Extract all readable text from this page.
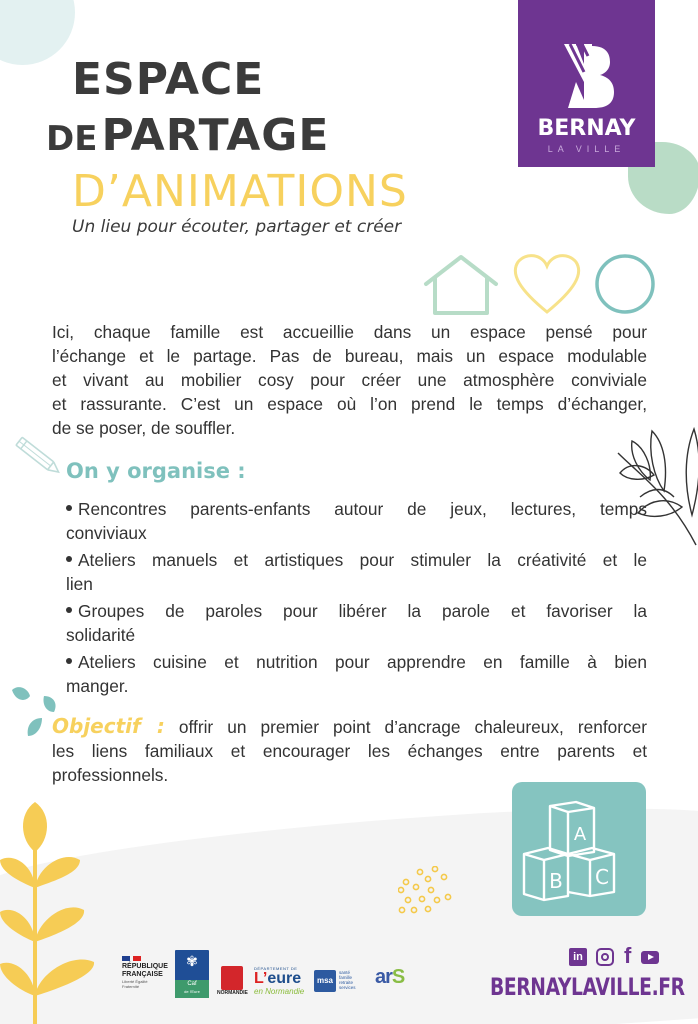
ESPACE
DEPARTAGE
D’ANIMATIONS
Un lieu pour écouter, partager et créer
BERNAY
LA VILLE
Ici, chaque famille est accueillie dans un espace pensé pour
l’échange et le partage. Pas de bureau, mais un espace modulable
et vivant au mobilier cosy pour créer une atmosphère conviviale
et rassurante. C’est un espace où l’on prend le temps d’échanger,
de se poser, de souffler.
On y organise :
Rencontres parents-enfants autour de jeux, lectures, temps
conviviaux
Ateliers manuels et artistiques pour stimuler la créativité et le
lien
Groupes de paroles pour libérer la parole et favoriser la
solidarité
Ateliers cuisine et nutrition pour apprendre en famille à bien
manger.
Objectif : offrir un premier point d’ancrage chaleureux, renforcer
les liens familiaux et encourager les échanges entre parents et
professionnels.
A
B C
RÉPUBLIQUE
FRANÇAISE
Liberté Égalité Fraternité
✾
Caf
de l'Eure	NORMANDIE
DÉPARTEMENT DE
L’eure
en Normandie
msa
santé famille retraite services arS
in f
BERNAYLAVILLE.FR
